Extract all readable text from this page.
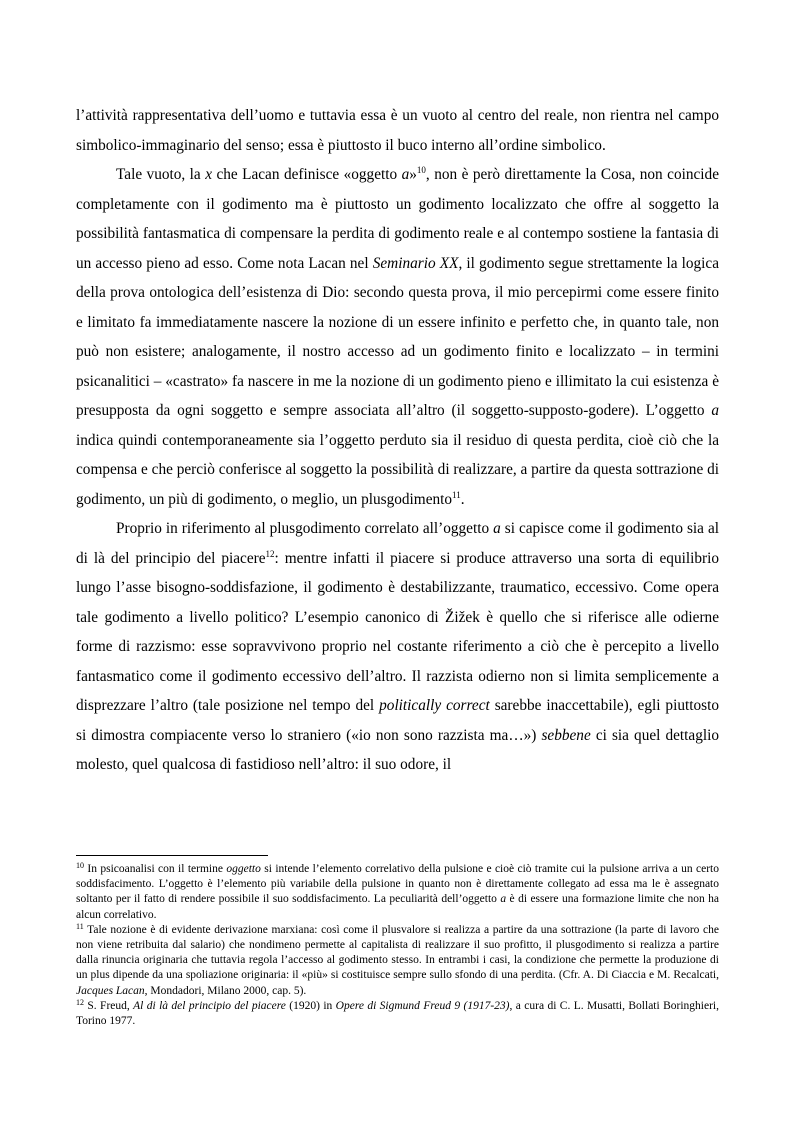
l’attività rappresentativa dell’uomo e tuttavia essa è un vuoto al centro del reale, non rientra nel campo simbolico-immaginario del senso; essa è piuttosto il buco interno all’ordine simbolico.

Tale vuoto, la x che Lacan definisce «oggetto a»$^{10}$, non è però direttamente la Cosa, non coincide completamente con il godimento ma è piuttosto un godimento localizzato che offre al soggetto la possibilità fantasmatica di compensare la perdita di godimento reale e al contempo sostiene la fantasia di un accesso pieno ad esso. Come nota Lacan nel Seminario XX, il godimento segue strettamente la logica della prova ontologica dell’esistenza di Dio: secondo questa prova, il mio percepirmi come essere finito e limitato fa immediatamente nascere la nozione di un essere infinito e perfetto che, in quanto tale, non può non esistere; analogamente, il nostro accesso ad un godimento finito e localizzato – in termini psicanalitici – «castrato» fa nascere in me la nozione di un godimento pieno e illimitato la cui esistenza è presupposta da ogni soggetto e sempre associata all’altro (il soggetto-supposto-godere). L’oggetto a indica quindi contemporaneamente sia l’oggetto perduto sia il residuo di questa perdita, cioè ciò che la compensa e che perciò conferisce al soggetto la possibilità di realizzare, a partire da questa sottrazione di godimento, un più di godimento, o meglio, un plusgodimento$^{11}$.

Proprio in riferimento al plusgodimento correlato all’oggetto a si capisce come il godimento sia al di là del principio del piacere$^{12}$: mentre infatti il piacere si produce attraverso una sorta di equilibrio lungo l’asse bisogno-soddisfazione, il godimento è destabilizzante, traumatico, eccessivo. Come opera tale godimento a livello politico? L’esempio canonico di Žižek è quello che si riferisce alle odierne forme di razzismo: esse sopravvivono proprio nel costante riferimento a ciò che è percepito a livello fantasmatico come il godimento eccessivo dell’altro. Il razzista odierno non si limita semplicemente a disprezzare l’altro (tale posizione nel tempo del politically correct sarebbe inaccettabile), egli piuttosto si dimostra compiacente verso lo straniero («io non sono razzista ma…») sebbene ci sia quel dettaglio molesto, quel qualcosa di fastidioso nell’altro: il suo odore, il

$^{10}$ In psicoanalisi con il termine oggetto si intende l’elemento correlativo della pulsione e cioè ciò tramite cui la pulsione arriva a un certo soddisfacimento. L’oggetto è l’elemento più variabile della pulsione in quanto non è direttamente collegato ad essa ma le è assegnato soltanto per il fatto di rendere possibile il suo soddisfacimento. La peculiarità dell’oggetto a è di essere una formazione limite che non ha alcun correlativo.

$^{11}$ Tale nozione è di evidente derivazione marxiana: così come il plusvalore si realizza a partire da una sottrazione (la parte di lavoro che non viene retribuita dal salario) che nondimeno permette al capitalista di realizzare il suo profitto, il plusgodimento si realizza a partire dalla rinuncia originaria che tuttavia regola l’accesso al godimento stesso. In entrambi i casi, la condizione che permette la produzione di un plus dipende da una spoliazione originaria: il «più» si costituisce sempre sullo sfondo di una perdita. (Cfr. A. Di Ciaccia e M. Recalcati, Jacques Lacan, Mondadori, Milano 2000, cap. 5).

$^{12}$ S. Freud, Al di là del principio del piacere (1920) in Opere di Sigmund Freud 9 (1917-23), a cura di C. L. Musatti, Bollati Boringhieri, Torino 1977.
